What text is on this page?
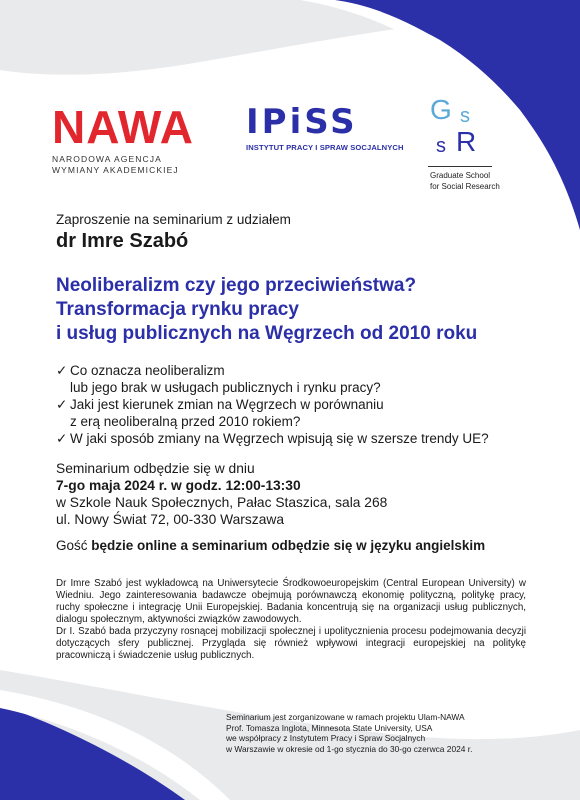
NAWA
NARODOWA AGENCJA
WYMIANY AKADEMICKIEJ
IPiSS
INSTYTUT PRACY I SPRAW SOCJALNYCH
G s
s R
Graduate School
for Social Research
Zaproszenie na seminarium z udziałem
dr Imre Szabó
Neoliberalizm czy jego przeciwieństwa?
Transformacja rynku pracy
i usług publicznych na Węgrzech od 2010 roku
✓ Co oznacza neoliberalizm
lub jego brak w usługach publicznych i rynku pracy?
✓ Jaki jest kierunek zmian na Węgrzech w porównaniu
z erą neoliberalną przed 2010 rokiem?
✓ W jaki sposób zmiany na Węgrzech wpisują się w szersze trendy UE?
Seminarium odbędzie się w dniu
7-go maja 2024 r. w godz. 12:00-13:30
w Szkole Nauk Społecznych, Pałac Staszica, sala 268
ul. Nowy Świat 72, 00-330 Warszawa
Gość będzie online a seminarium odbędzie się w języku angielskim

Dr Imre Szabó jest wykładowcą na Uniwersytecie Środkowoeuropejskim (Central European University) w Wiedniu. Jego zainteresowania badawcze obejmują porównawczą ekonomię polityczną, politykę pracy, ruchy społeczne i integrację Unii Europejskiej. Badania koncentrują się na organizacji usług publicznych, dialogu społecznym, aktywności związków zawodowych.

Dr I. Szabó bada przyczyny rosnącej mobilizacji społecznej i upolitycznienia procesu podejmowania decyzji dotyczących sfery publicznej. Przygląda się również wpływowi integracji europejskiej na politykę pracowniczą i świadczenie usług publicznych.

Seminarium jest zorganizowane w ramach projektu Ulam-NAWA
Prof. Tomasza Inglota, Minnesota State University, USA
we współpracy z Instytutem Pracy i Spraw Socjalnych
w Warszawie w okresie od 1-go stycznia do 30-go czerwca 2024 r.
